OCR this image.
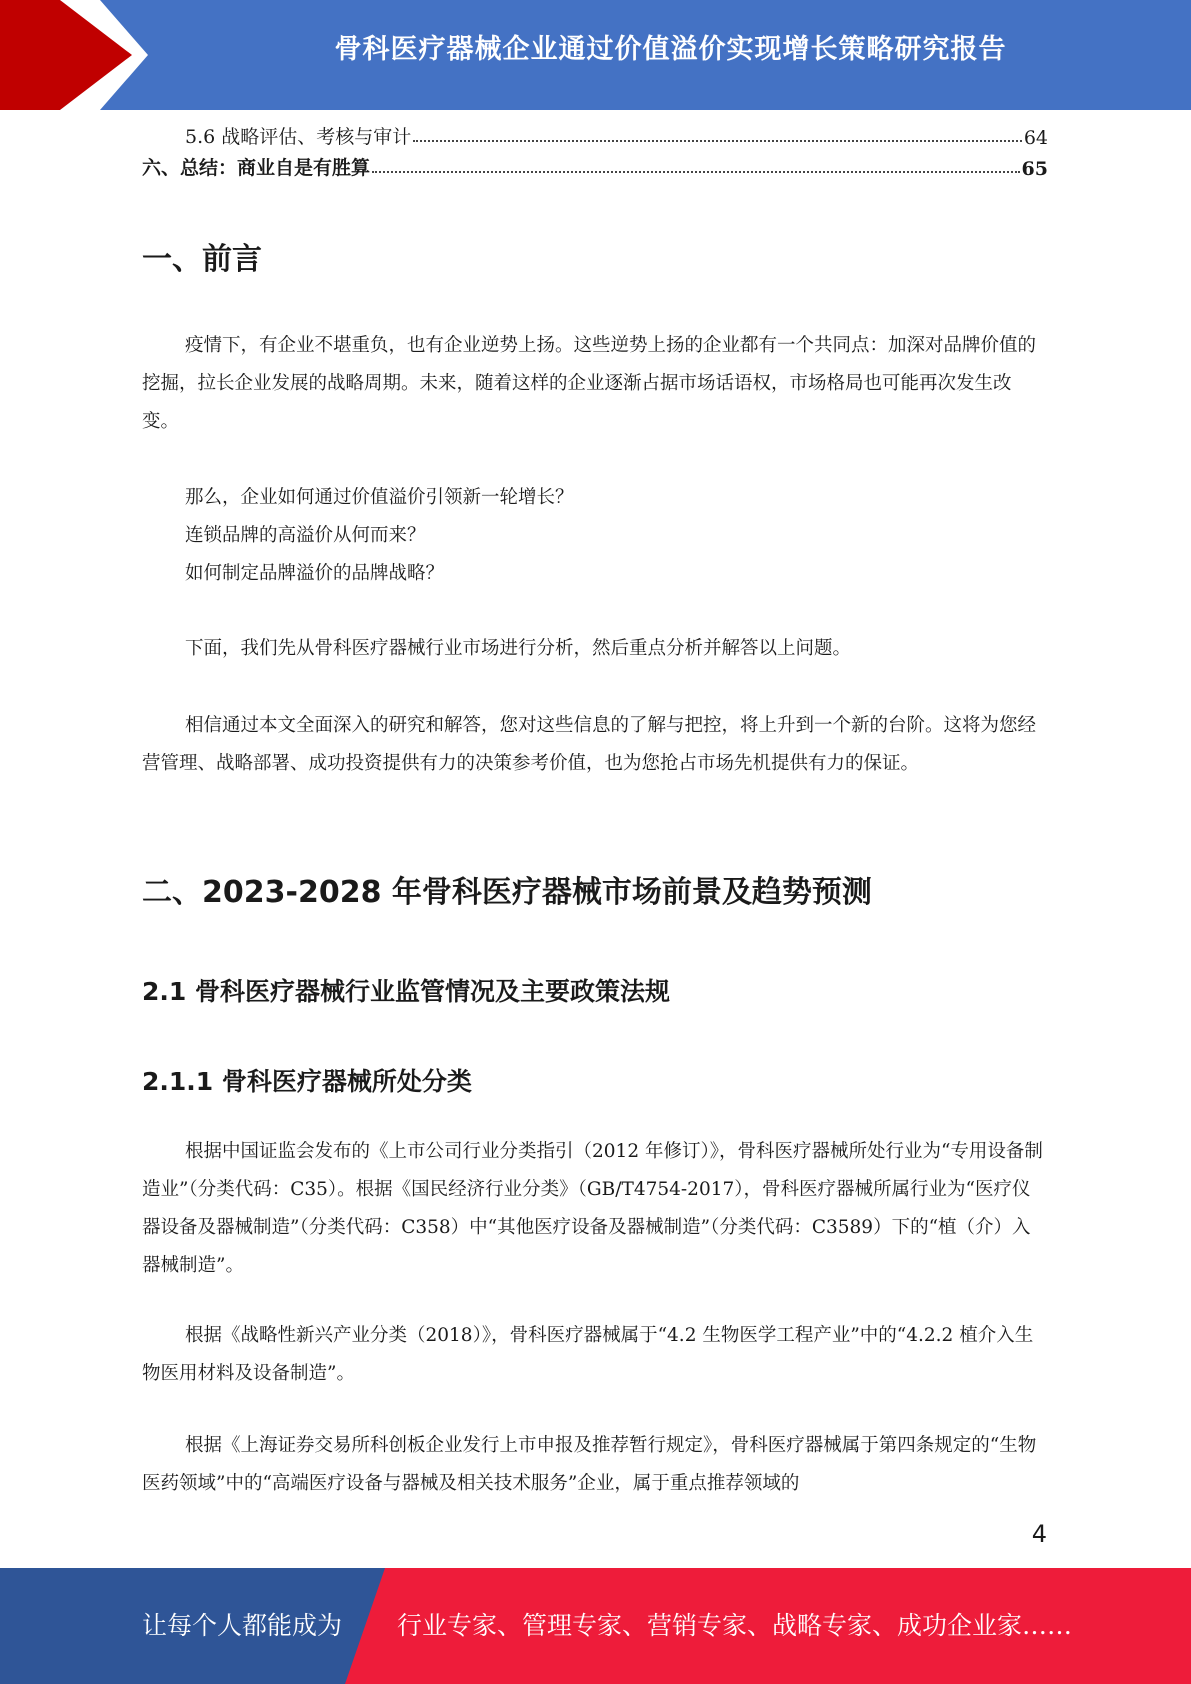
骨科医疗器械企业通过价值溢价实现增长策略研究报告
5.6 战略评估、考核与审计	64
六、总结：商业自是有胜算	65
一、前言

疫情下，有企业不堪重负，也有企业逆势上扬。这些逆势上扬的企业都有一个共同点：加深对品牌价值的挖掘，拉长企业发展的战略周期。未来，随着这样的企业逐渐占据市场话语权，市场格局也可能再次发生改变。

那么，企业如何通过价值溢价引领新一轮增长？

连锁品牌的高溢价从何而来？

如何制定品牌溢价的品牌战略？

下面，我们先从骨科医疗器械行业市场进行分析，然后重点分析并解答以上问题。

相信通过本文全面深入的研究和解答，您对这些信息的了解与把控，将上升到一个新的台阶。这将为您经营管理、战略部署、成功投资提供有力的决策参考价值，也为您抢占市场先机提供有力的保证。

二、2023-2028 年骨科医疗器械市场前景及趋势预测
2.1 骨科医疗器械行业监管情况及主要政策法规
2.1.1 骨科医疗器械所处分类

根据中国证监会发布的《上市公司行业分类指引（2012 年修订）》，骨科医疗器械所处行业为“专用设备制造业”（分类代码：C35）。根据《国民经济行业分类》（GB/T4754-2017），骨科医疗器械所属行业为“医疗仪器设备及器械制造”（分类代码：C358）中“其他医疗设备及器械制造”（分类代码：C3589）下的“植（介）入器械制造”。

根据《战略性新兴产业分类（2018）》，骨科医疗器械属于“4.2 生物医学工程产业”中的“4.2.2 植介入生物医用材料及设备制造”。

根据《上海证券交易所科创板企业发行上市申报及推荐暂行规定》，骨科医疗器械属于第四条规定的“生物医药领域”中的“高端医疗设备与器械及相关技术服务”企业，属于重点推荐领域的

4
让每个人都能成为 行业专家、管理专家、营销专家、战略专家、成功企业家……
